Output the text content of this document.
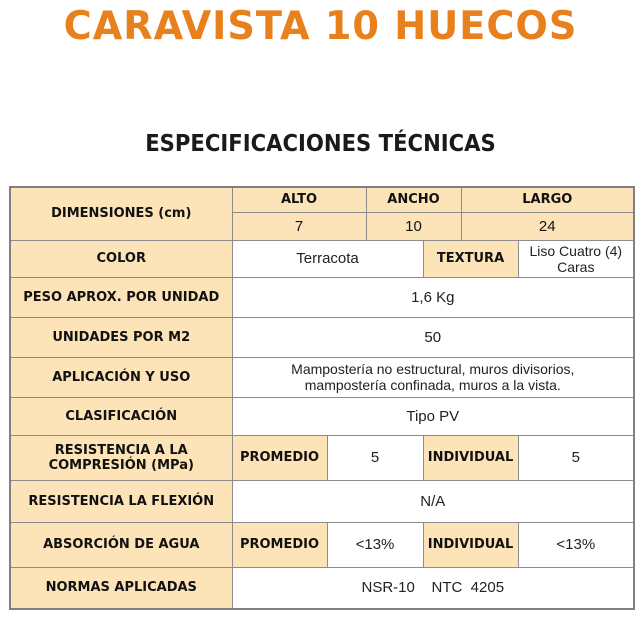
CARAVISTA 10 HUECOS
ESPECIFICACIONES TÉCNICAS
DIMENSIONES (cm)	ALTO		ANCHO		LARGO	
	7		10		24	
COLOR	Terracota			TEXTURA		Liso Cuatro (4) Caras
PESO APROX. POR UNIDAD	1,6 Kg					
UNIDADES POR M2	50					
APLICACIÓN Y USO	Mampostería no estructural, muros divisorios,
mampostería confinada, muros a la vista.					

CLASIFICACIÓN	Tipo PV					

RESISTENCIA A LA
COMPRESIÓN (MPa)	PROMEDIO	5		INDIVIDUAL		5
RESISTENCIA LA FLEXIÓN	N/A					
ABSORCIÓN DE AGUA	PROMEDIO	<13%		INDIVIDUAL		<13%
NORMAS APLICADAS	NSR-10    NTC  4205					
